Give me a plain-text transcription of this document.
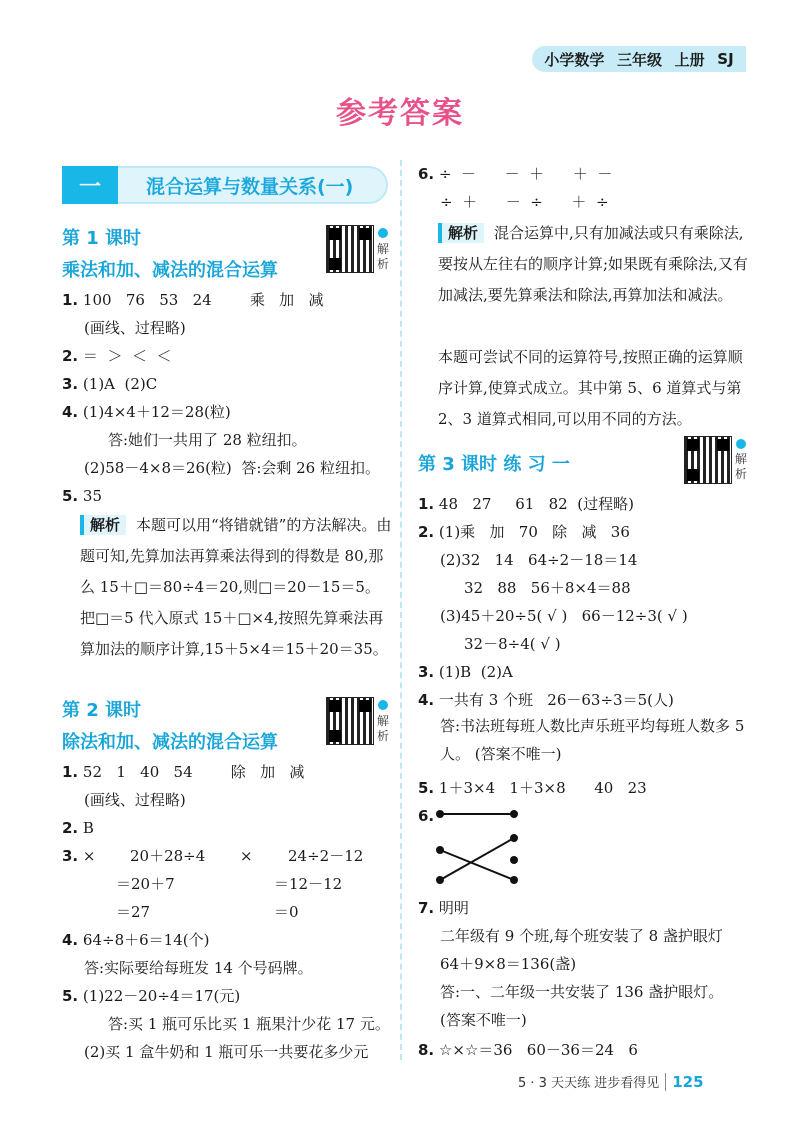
小学数学 三年级 上册 SJ
参考答案
一	混合运算与数量关系(一)
第 1 课时
乘法和加、减法的混合运算
解析
1. 100   76   53   24        乘   加   减
(画线、过程略)
2. ＝  ＞  ＜  ＜
3. (1)A  (2)C
4. (1)4×4＋12＝28(粒)
答:她们一共用了 28 粒纽扣。
(2)58－4×8＝26(粒)  答:会剩 26 粒纽扣。
5. 35
解析 本题可以用“将错就错”的方法解决。由题可知,先算加法再算乘法得到的得数是 80,那么 15＋□＝80÷4＝20,则□＝20－15＝5。把□＝5 代入原式 15＋□×4,按照先算乘法再算加法的顺序计算,15＋5×4＝15＋20＝35。
第 2 课时
除法和加、减法的混合运算
解析
1. 52   1   40   54        除   加   减
(画线、过程略)
2. B
3. × 20＋28÷4 × 24÷2－12
＝20＋7	＝12－12
＝27	＝0
4. 64÷8＋6＝14(个)
答:实际要给每班发 14 个号码牌。
5. (1)22－20÷4＝17(元)
答:买 1 瓶可乐比买 1 瓶果汁少花 17 元。
(2)买 1 盒牛奶和 1 瓶可乐一共要花多少元
6. ÷  －      －  ＋      ＋  －
÷  ＋      －  ÷      ＋  ÷
解析 混合运算中,只有加减法或只有乘除法,要按从左往右的顺序计算;如果既有乘除法,又有加减法,要先算乘法和除法,再算加法和减法。
本题可尝试不同的运算符号,按照正确的运算顺序计算,使算式成立。其中第 5、6 道算式与第 2、3 道算式相同,可以用不同的方法。
第 3 课时 练 习 一	解析
1. 48   27     61   82  (过程略)
2. (1)乘   加   70   除   减   36
(2)32   14   64÷2－18＝14
32   88   56＋8×4＝88
(3)45＋20÷5( √ )   66－12÷3( √ )
32－8÷4( √ )
3. (1)B  (2)A
4. 一共有 3 个班   26－63÷3＝5(人)
答:书法班每班人数比声乐班平均每班人数多 5 人。 (答案不唯一)
5. 1＋3×4   1＋3×8      40   23
6.
7. 明明
二年级有 9 个班,每个班安装了 8 盏护眼灯
64＋9×8＝136(盏)
答:一、二年级一共安装了 136 盏护眼灯。
(答案不唯一)
8. ☆×☆＝36   60－36＝24   6
5 · 3 天天练 进步看得见 125
